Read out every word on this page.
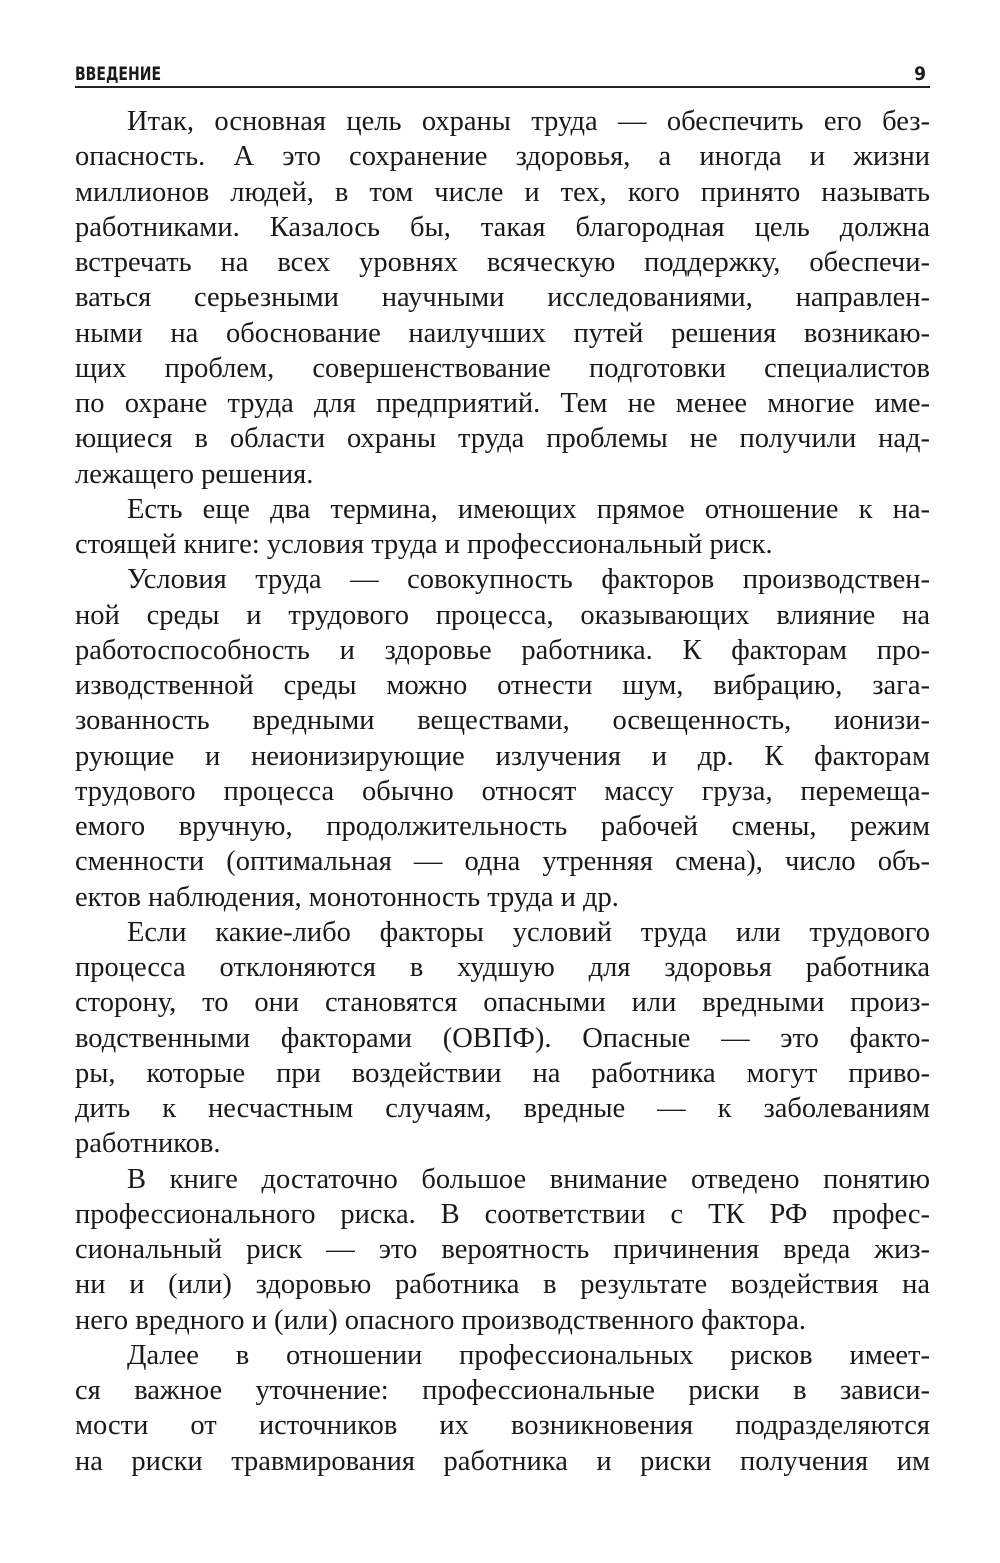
ВВЕДЕНИЕ	9
Итак, основная цель охраны труда — обеспечить его без-
опасность. А это сохранение здоровья, а иногда и жизни
миллионов людей, в том числе и тех, кого принято называть
работниками. Казалось бы, такая благородная цель должна
встречать на всех уровнях всяческую поддержку, обеспечи-
ваться серьезными научными исследованиями, направлен-
ными на обоснование наилучших путей решения возникаю-
щих проблем, совершенствование подготовки специалистов
по охране труда для предприятий. Тем не менее многие име-
ющиеся в области охраны труда проблемы не получили над-
лежащего решения.
Есть еще два термина, имеющих прямое отношение к на-
стоящей книге: условия труда и профессиональный риск.
Условия труда — совокупность факторов производствен-
ной среды и трудового процесса, оказывающих влияние на
работоспособность и здоровье работника. К факторам про-
изводственной среды можно отнести шум, вибрацию, зага-
зованность вредными веществами, освещенность, ионизи-
рующие и неионизирующие излучения и др. К факторам
трудового процесса обычно относят массу груза, перемеща-
емого вручную, продолжительность рабочей смены, режим
сменности (оптимальная — одна утренняя смена), число объ-
ектов наблюдения, монотонность труда и др.
Если какие-либо факторы условий труда или трудового
процесса отклоняются в худшую для здоровья работника
сторону, то они становятся опасными или вредными произ-
водственными факторами (ОВПФ). Опасные — это факто-
ры, которые при воздействии на работника могут приво-
дить к несчастным случаям, вредные — к заболеваниям
работников.
В книге достаточно большое внимание отведено понятию
профессионального риска. В соответствии с ТК РФ профес-
сиональный риск — это вероятность причинения вреда жиз-
ни и (или) здоровью работника в результате воздействия на
него вредного и (или) опасного производственного фактора.
Далее в отношении профессиональных рисков имеет-
ся важное уточнение: профессиональные риски в зависи-
мости от источников их возникновения подразделяются
на риски травмирования работника и риски получения им
